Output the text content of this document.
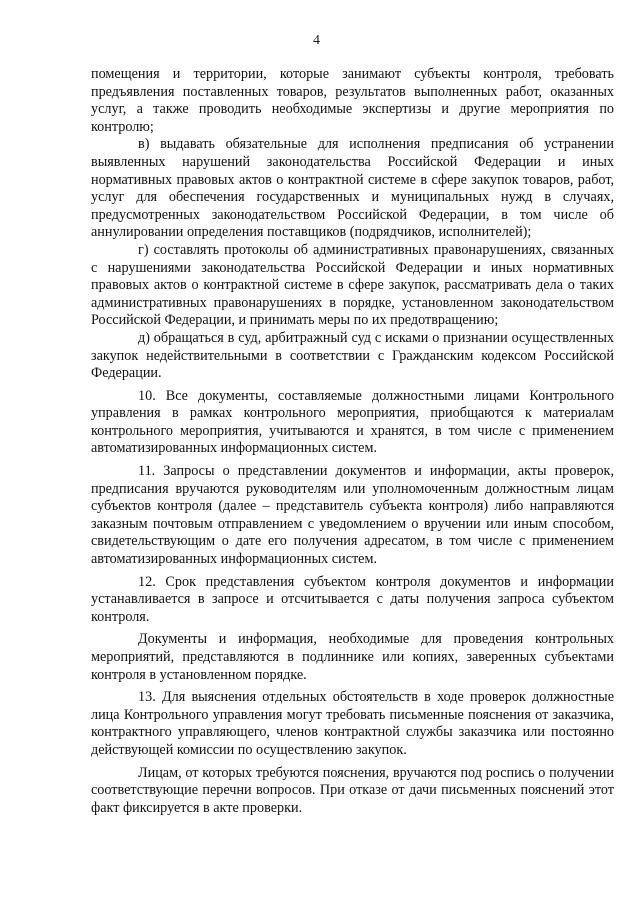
4

помещения и территории, которые занимают субъекты контроля, требовать предъявления поставленных товаров, результатов выполненных работ, оказанных услуг, а также проводить необходимые экспертизы и другие мероприятия по контролю;

в) выдавать обязательные для исполнения предписания об устранении выявленных нарушений законодательства Российской Федерации и иных нормативных правовых актов о контрактной системе в сфере закупок товаров, работ, услуг для обеспечения государственных и муниципальных нужд в случаях, предусмотренных законодательством Российской Федерации, в том числе об аннулировании определения поставщиков (подрядчиков, исполнителей);

г) составлять протоколы об административных правонарушениях, связанных с нарушениями законодательства Российской Федерации и иных нормативных правовых актов о контрактной системе в сфере закупок, рассматривать дела о таких административных правонарушениях в порядке, установленном законодательством Российской Федерации, и принимать меры по их предотвращению;

д) обращаться в суд, арбитражный суд с исками о признании осуществленных закупок недействительными в соответствии с Гражданским кодексом Российской Федерации.

10. Все документы, составляемые должностными лицами Контрольного управления в рамках контрольного мероприятия, приобщаются к материалам контрольного мероприятия, учитываются и хранятся, в том числе с применением автоматизированных информационных систем.

11. Запросы о представлении документов и информации, акты проверок, предписания вручаются руководителям или уполномоченным должностным лицам субъектов контроля (далее – представитель субъекта контроля) либо направляются заказным почтовым отправлением с уведомлением о вручении или иным способом, свидетельствующим о дате его получения адресатом, в том числе с применением автоматизированных информационных систем.

12. Срок представления субъектом контроля документов и информации устанавливается в запросе и отсчитывается с даты получения запроса субъектом контроля.

Документы и информация, необходимые для проведения контрольных мероприятий, представляются в подлиннике или копиях, заверенных субъектами контроля в установленном порядке.

13. Для выяснения отдельных обстоятельств в ходе проверок должностные лица Контрольного управления могут требовать письменные пояснения от заказчика, контрактного управляющего, членов контрактной службы заказчика или постоянно действующей комиссии по осуществлению закупок.

Лицам, от которых требуются пояснения, вручаются под роспись о получении соответствующие перечни вопросов. При отказе от дачи письменных пояснений этот факт фиксируется в акте проверки.
